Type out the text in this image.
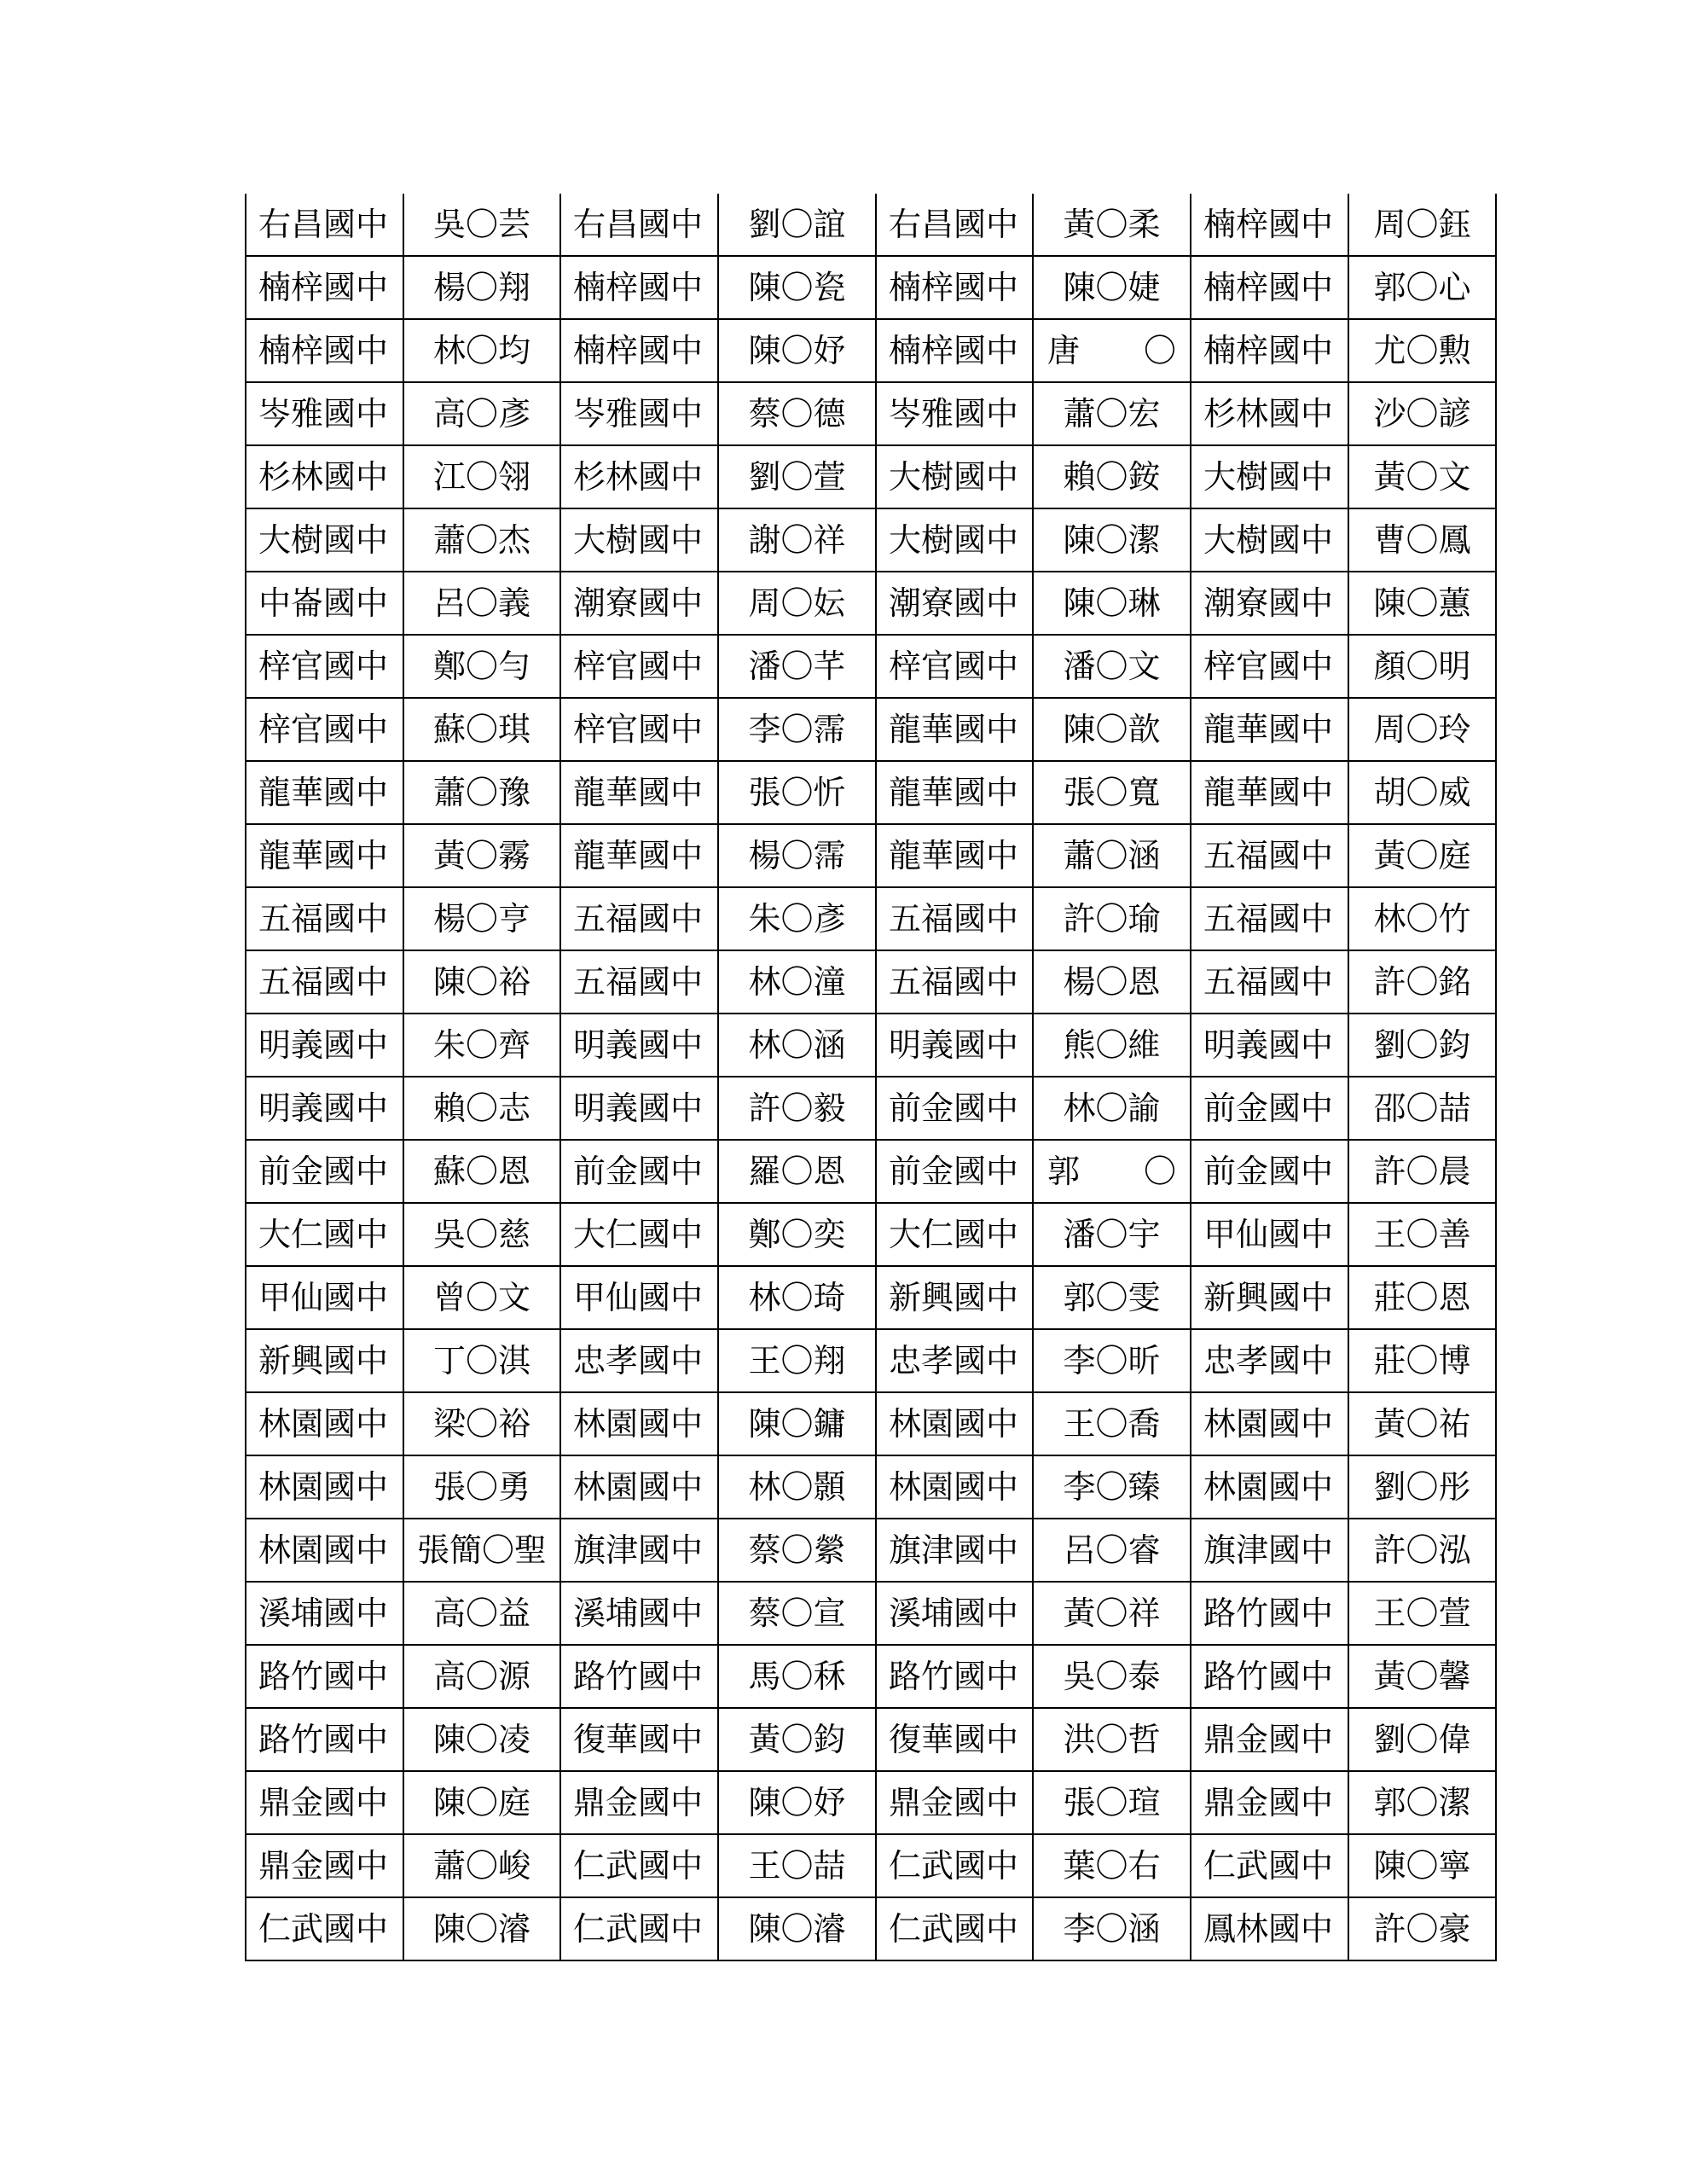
右昌國中	吳〇芸	右昌國中	劉〇誼	右昌國中	黃〇柔	楠梓國中	周〇鈺
楠梓國中	楊〇翔	楠梓國中	陳〇瓷	楠梓國中	陳〇婕	楠梓國中	郭〇心
楠梓國中	林〇均	楠梓國中	陳〇妤	楠梓國中	唐 〇	楠梓國中	尤〇勲
岑雅國中	高〇彥	岑雅國中	蔡〇德	岑雅國中	蕭〇宏	杉林國中	沙〇諺
杉林國中	江〇翎	杉林國中	劉〇萱	大樹國中	賴〇銨	大樹國中	黃〇文
大樹國中	蕭〇杰	大樹國中	謝〇祥	大樹國中	陳〇潔	大樹國中	曹〇鳳
中崙國中	呂〇義	潮寮國中	周〇妘	潮寮國中	陳〇琳	潮寮國中	陳〇蕙
梓官國中	鄭〇勻	梓官國中	潘〇芊	梓官國中	潘〇文	梓官國中	顏〇明
梓官國中	蘇〇琪	梓官國中	李〇霈	龍華國中	陳〇歆	龍華國中	周〇玲
龍華國中	蕭〇豫	龍華國中	張〇忻	龍華國中	張〇寬	龍華國中	胡〇威
龍華國中	黃〇霧	龍華國中	楊〇霈	龍華國中	蕭〇涵	五福國中	黃〇庭
五福國中	楊〇亨	五福國中	朱〇彥	五福國中	許〇瑜	五福國中	林〇竹
五福國中	陳〇裕	五福國中	林〇潼	五福國中	楊〇恩	五福國中	許〇銘
明義國中	朱〇齊	明義國中	林〇涵	明義國中	熊〇維	明義國中	劉〇鈞
明義國中	賴〇志	明義國中	許〇毅	前金國中	林〇諭	前金國中	邵〇喆
前金國中	蘇〇恩	前金國中	羅〇恩	前金國中	郭 〇	前金國中	許〇晨
大仁國中	吳〇慈	大仁國中	鄭〇奕	大仁國中	潘〇宇	甲仙國中	王〇善
甲仙國中	曾〇文	甲仙國中	林〇琦	新興國中	郭〇雯	新興國中	莊〇恩
新興國中	丁〇淇	忠孝國中	王〇翔	忠孝國中	李〇昕	忠孝國中	莊〇博
林園國中	梁〇裕	林園國中	陳〇鏞	林園國中	王〇喬	林園國中	黃〇祐
林園國中	張〇勇	林園國中	林〇顥	林園國中	李〇臻	林園國中	劉〇彤
林園國中	張簡〇聖	旗津國中	蔡〇縈	旗津國中	呂〇睿	旗津國中	許〇泓
溪埔國中	高〇益	溪埔國中	蔡〇宣	溪埔國中	黃〇祥	路竹國中	王〇萱
路竹國中	高〇源	路竹國中	馬〇秝	路竹國中	吳〇泰	路竹國中	黃〇馨
路竹國中	陳〇凌	復華國中	黃〇鈞	復華國中	洪〇哲	鼎金國中	劉〇偉
鼎金國中	陳〇庭	鼎金國中	陳〇妤	鼎金國中	張〇瑄	鼎金國中	郭〇潔
鼎金國中	蕭〇峻	仁武國中	王〇喆	仁武國中	葉〇右	仁武國中	陳〇寧
仁武國中	陳〇濬	仁武國中	陳〇濬	仁武國中	李〇涵	鳳林國中	許〇豪
